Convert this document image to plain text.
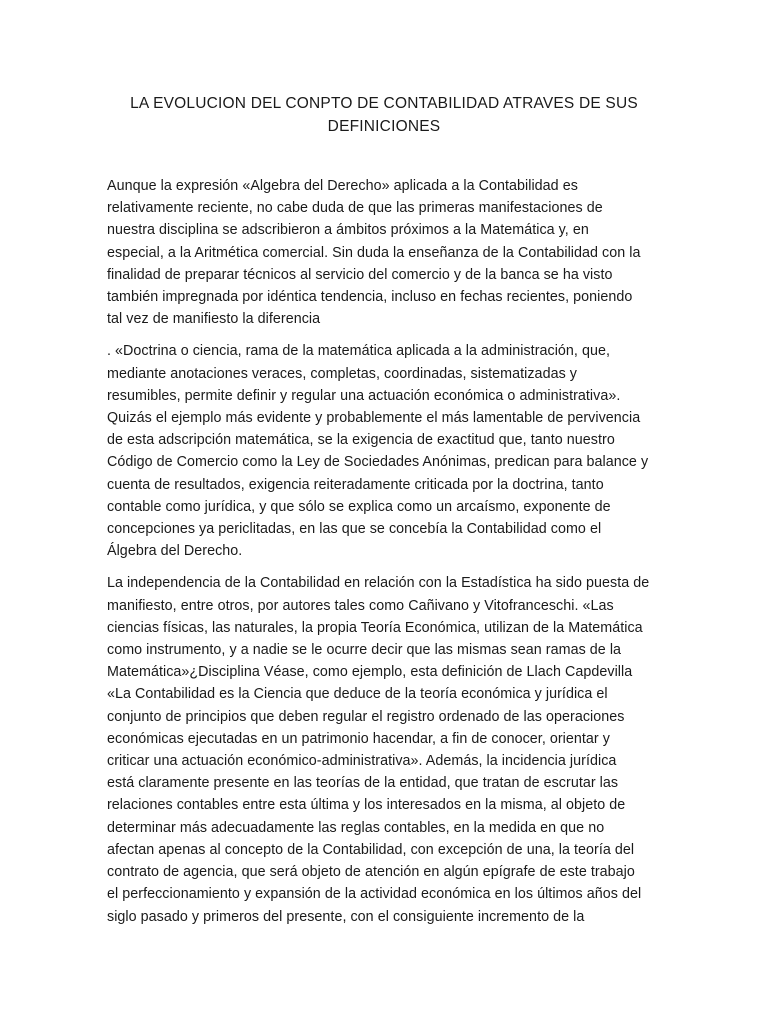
LA EVOLUCION DEL CONPTO DE CONTABILIDAD ATRAVES DE SUS
DEFINICIONES

Aunque la expresión «Algebra del Derecho» aplicada a la Contabilidad es
relativamente reciente, no cabe duda de que las primeras manifestaciones de
nuestra disciplina se adscribieron a ámbitos próximos a la Matemática y, en
especial, a la Aritmética comercial. Sin duda la enseñanza de la Contabilidad con la
finalidad de preparar técnicos al servicio del comercio y de la banca se ha visto
también impregnada por idéntica tendencia, incluso en fechas recientes, poniendo
tal vez de manifiesto la diferencia

. «Doctrina o ciencia, rama de la matemática aplicada a la administración, que,
mediante anotaciones veraces, completas, coordinadas, sistematizadas y
resumibles, permite definir y regular una actuación económica o administrativa».
Quizás el ejemplo más evidente y probablemente el más lamentable de pervivencia
de esta adscripción matemática, se la exigencia de exactitud que, tanto nuestro
Código de Comercio como la Ley de Sociedades Anónimas, predican para balance y
cuenta de resultados, exigencia reiteradamente criticada por la doctrina, tanto
contable como jurídica, y que sólo se explica como un arcaísmo, exponente de
concepciones ya periclitadas, en las que se concebía la Contabilidad como el
Álgebra del Derecho.

La independencia de la Contabilidad en relación con la Estadística ha sido puesta de
manifiesto, entre otros, por autores tales como Cañivano y Vitofranceschi. «Las
ciencias físicas, las naturales, la propia Teoría Económica, utilizan de la Matemática
como instrumento, y a nadie se le ocurre decir que las mismas sean ramas de la
Matemática»¿Disciplina Véase, como ejemplo, esta definición de Llach Capdevilla
«La Contabilidad es la Ciencia que deduce de la teoría económica y jurídica el
conjunto de principios que deben regular el registro ordenado de las operaciones
económicas ejecutadas en un patrimonio hacendar, a fin de conocer, orientar y
criticar una actuación económico-administrativa». Además, la incidencia jurídica
está claramente presente en las teorías de la entidad, que tratan de escrutar las
relaciones contables entre esta última y los interesados en la misma, al objeto de
determinar más adecuadamente las reglas contables, en la medida en que no
afectan apenas al concepto de la Contabilidad, con excepción de una, la teoría del
contrato de agencia, que será objeto de atención en algún epígrafe de este trabajo
el perfeccionamiento y expansión de la actividad económica en los últimos años del
siglo pasado y primeros del presente, con el consiguiente incremento de la
